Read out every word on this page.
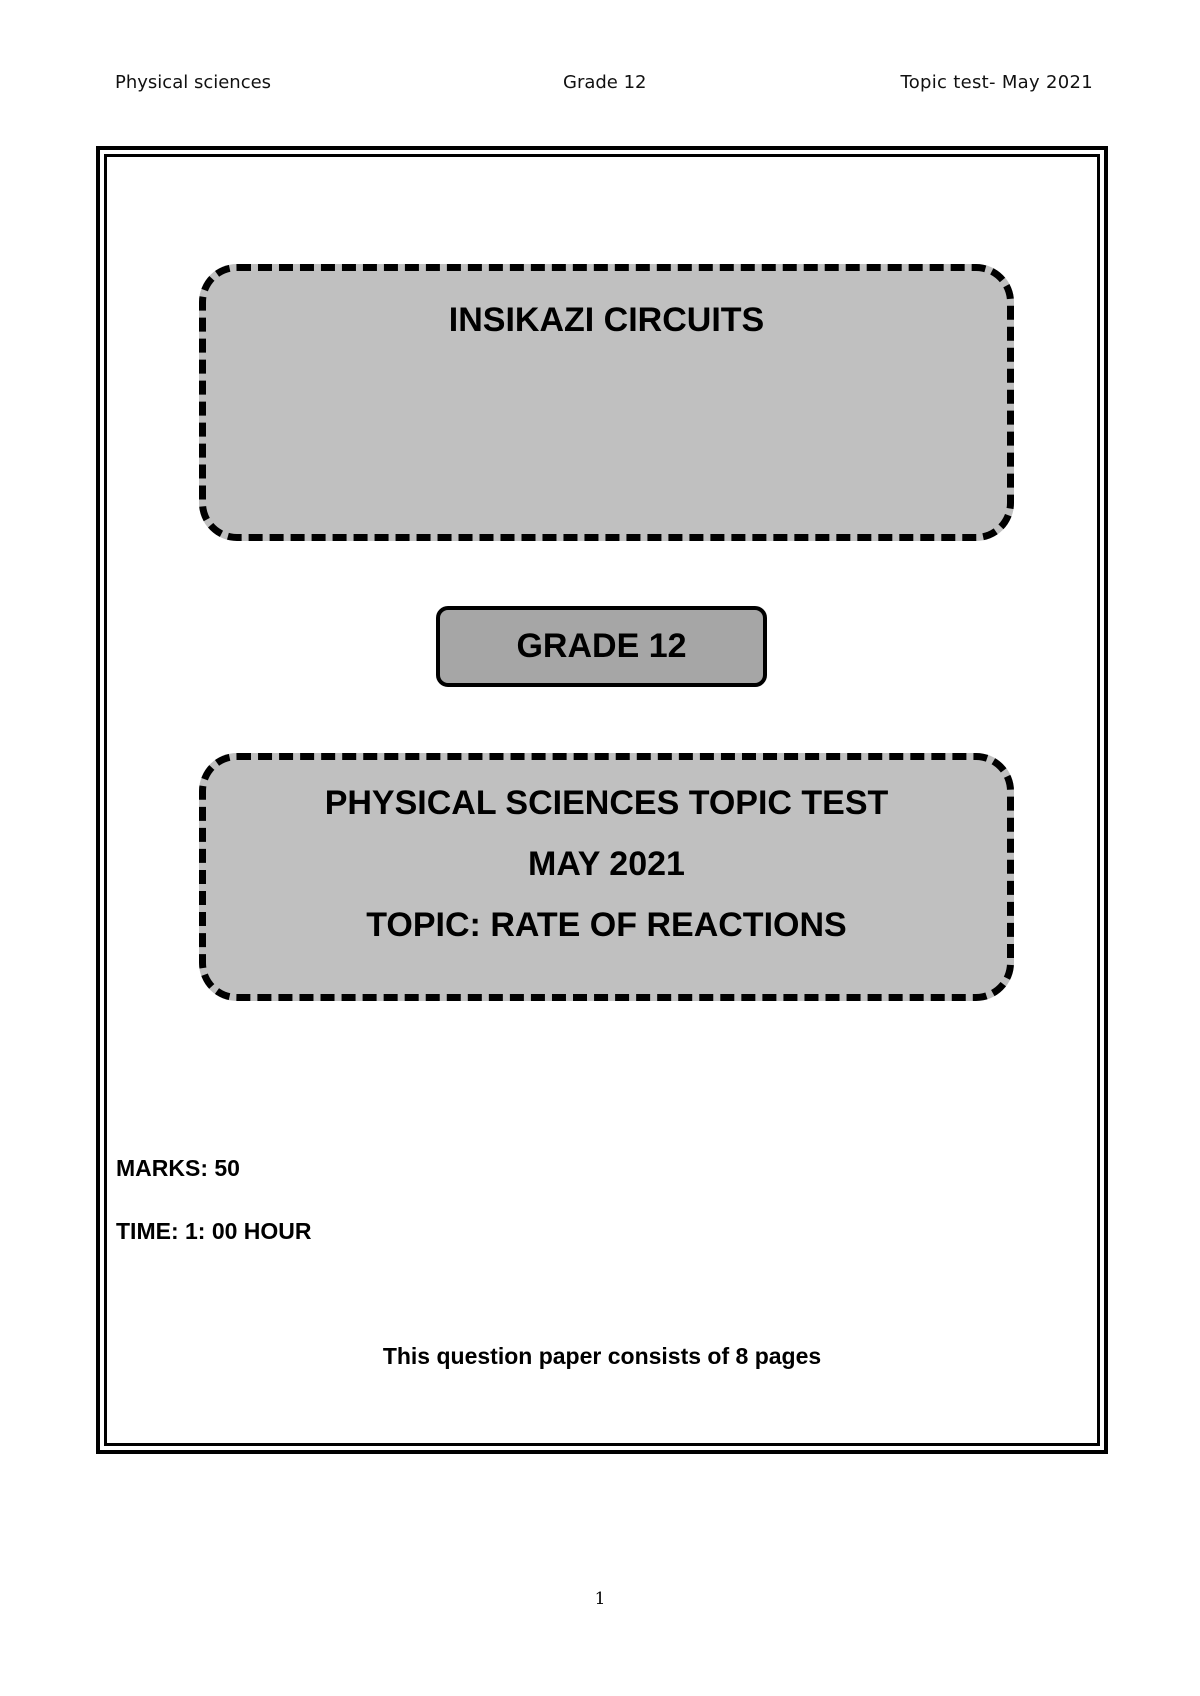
Physical sciences	Grade 12	Topic test- May 2021
INSIKAZI CIRCUITS
GRADE 12
PHYSICAL SCIENCES TOPIC TEST
MAY 2021
TOPIC: RATE OF REACTIONS
MARKS: 50
TIME: 1: 00 HOUR
This question paper consists of 8 pages
1
